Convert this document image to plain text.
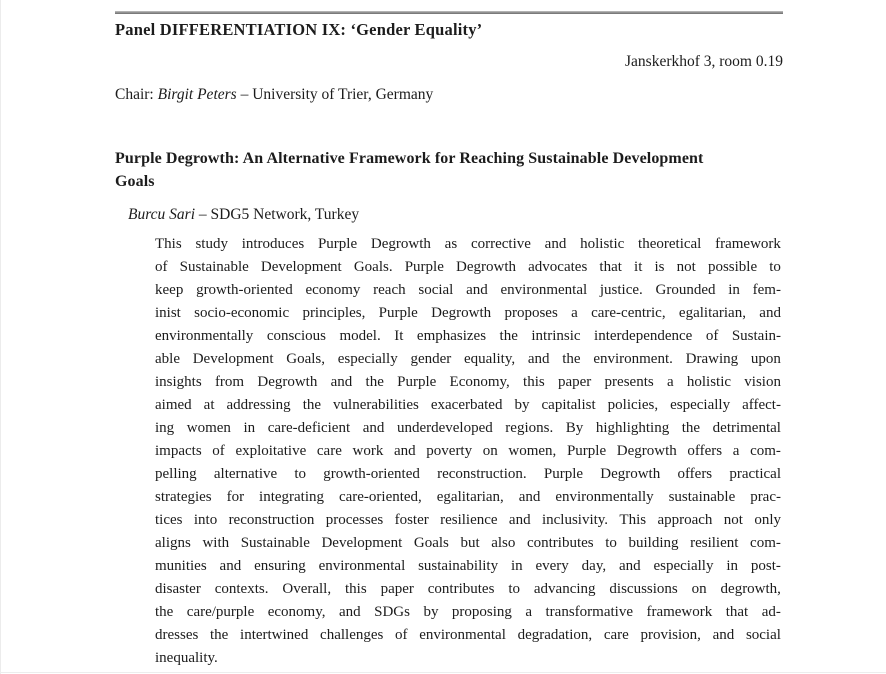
Panel DIFFERENTIATION IX: ‘Gender Equality’
Janskerkhof 3, room 0.19
Chair: Birgit Peters – University of Trier, Germany
Purple Degrowth: An Alternative Framework for Reaching Sustainable Development
Goals
Burcu Sari – SDG5 Network, Turkey
This study introduces Purple Degrowth as corrective and holistic theoretical framework
of Sustainable Development Goals. Purple Degrowth advocates that it is not possible to
keep growth-oriented economy reach social and environmental justice. Grounded in fem-
inist socio-economic principles, Purple Degrowth proposes a care-centric, egalitarian, and
environmentally conscious model. It emphasizes the intrinsic interdependence of Sustain-
able Development Goals, especially gender equality, and the environment. Drawing upon
insights from Degrowth and the Purple Economy, this paper presents a holistic vision
aimed at addressing the vulnerabilities exacerbated by capitalist policies, especially affect-
ing women in care-deficient and underdeveloped regions. By highlighting the detrimental
impacts of exploitative care work and poverty on women, Purple Degrowth offers a com-
pelling alternative to growth-oriented reconstruction. Purple Degrowth offers practical
strategies for integrating care-oriented, egalitarian, and environmentally sustainable prac-
tices into reconstruction processes foster resilience and inclusivity. This approach not only
aligns with Sustainable Development Goals but also contributes to building resilient com-
munities and ensuring environmental sustainability in every day, and especially in post-
disaster contexts. Overall, this paper contributes to advancing discussions on degrowth,
the care/purple economy, and SDGs by proposing a transformative framework that ad-
dresses the intertwined challenges of environmental degradation, care provision, and social
inequality.
